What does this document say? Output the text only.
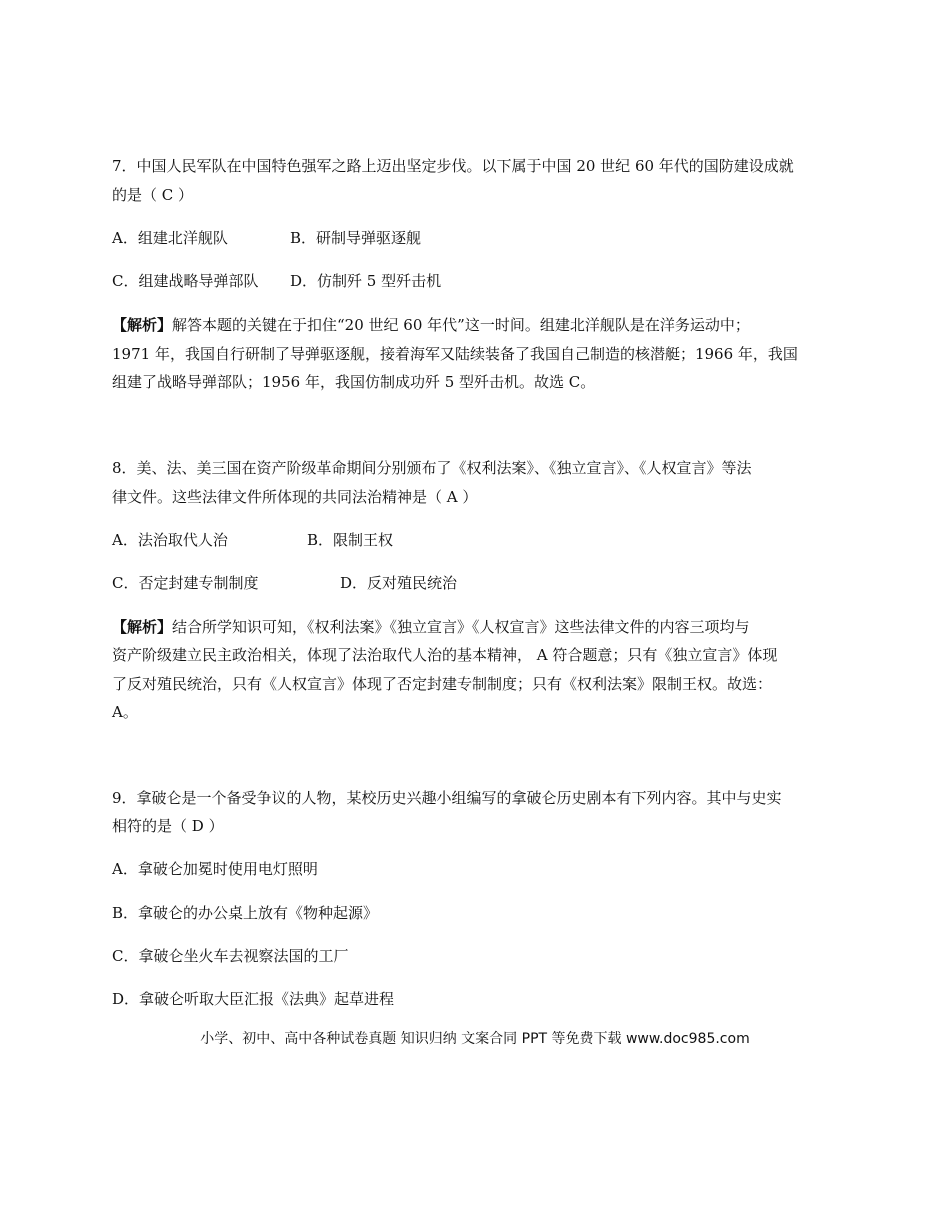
7．中国人民军队在中国特色强军之路上迈出坚定步伐。以下属于中国 20 世纪 60 年代的国防建设成就
的是（ C ）
A．组建北洋舰队	B．研制导弹驱逐舰
C．组建战略导弹部队 D．仿制歼 5 型歼击机
【解析】解答本题的关键在于扣住“20 世纪 60 年代”这一时间。组建北洋舰队是在洋务运动中；
1971 年，我国自行研制了导弹驱逐舰，接着海军又陆续装备了我国自己制造的核潜艇；1966 年，我国
组建了战略导弹部队；1956 年，我国仿制成功歼 5 型歼击机。故选 C。
8．美、法、美三国在资产阶级革命期间分别颁布了《权利法案》、《独立宣言》、《人权宣言》等法
律文件。这些法律文件所体现的共同法治精神是（ A ）
A．法治取代人治	B．限制王权
C．否定封建专制制度	D．反对殖民统治
【解析】结合所学知识可知，《权利法案》《独立宣言》《人权宣言》这些法律文件的内容三项均与
资产阶级建立民主政治相关，体现了法治取代人治的基本精神， A 符合题意；只有《独立宣言》体现
了反对殖民统治，只有《人权宣言》体现了否定封建专制制度；只有《权利法案》限制王权。故选：
A。
9．拿破仑是一个备受争议的人物，某校历史兴趣小组编写的拿破仑历史剧本有下列内容。其中与史实
相符的是（ D ）
A．拿破仑加冕时使用电灯照明
B．拿破仑的办公桌上放有《物种起源》
C．拿破仑坐火车去视察法国的工厂
D．拿破仑听取大臣汇报《法典》起草进程
小学、初中、高中各种试卷真题 知识归纳 文案合同 PPT 等免费下载 www.doc985.com
